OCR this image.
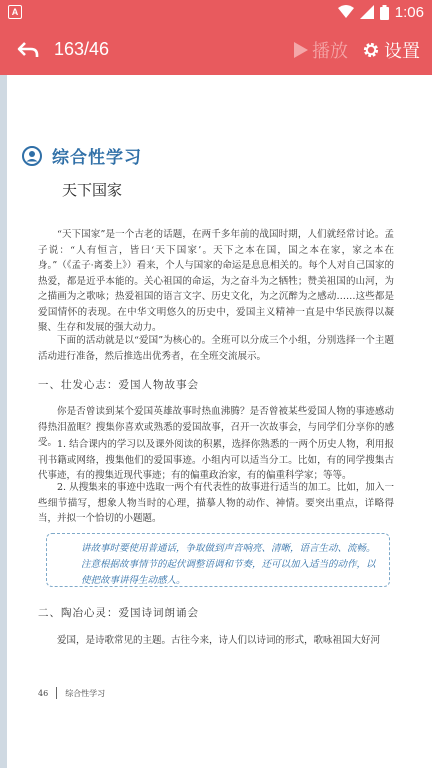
A	1:06
163/46	播放 设置
综合性学习
天下国家

“天下国家”是一个古老的话题，在两千多年前的战国时期，人们就经常讨论。孟子说：“人有恒言，皆曰‘天下国家’。天下之本在国，国之本在家，家之本在身。”（《孟子·离娄上》）看来，个人与国家的命运是息息相关的。每个人对自己国家的热爱，都是近乎本能的。关心祖国的命运，为之奋斗为之牺牲；赞美祖国的山河，为之描画为之歌咏；热爱祖国的语言文字、历史文化，为之沉醉为之感动……这些都是爱国情怀的表现。在中华文明悠久的历史中，爱国主义精神一直是中华民族得以凝聚、生存和发展的强大动力。

下面的活动就是以“爱国”为核心的。全班可以分成三个小组，分别选择一个主题活动进行准备，然后推选出优秀者，在全班交流展示。

一、壮发心志：爱国人物故事会

你是否曾读到某个爱国英雄故事时热血沸腾？是否曾被某些爱国人物的事迹感动得热泪盈眶？搜集你喜欢或熟悉的爱国故事，召开一次故事会，与同学们分享你的感受。 1. 结合课内的学习以及课外阅读的积累，选择你熟悉的一两个历史人物，利用报刊书籍或网络，搜集他们的爱国事迹。小组内可以适当分工。比如，有的同学搜集古代事迹，有的搜集近现代事迹；有的偏重政治家，有的偏重科学家；等等。

2. 从搜集来的事迹中选取一两个有代表性的故事进行适当的加工。比如，加入一些细节描写，想象人物当时的心理，描摹人物的动作、神情。要突出重点，详略得当，并拟一个恰切的小题题。

讲故事时要使用普通话，争取做到声音响亮、清晰，语言生动、流畅。
注意根据故事情节的起伏调整语调和节奏，还可以加入适当的动作，以使把故事讲得生动感人。
二、陶冶心灵：爱国诗词朗诵会

爱国，是诗歌常见的主题。古往今来，诗人们以诗词的形式，歌咏祖国大好河

46 综合性学习
